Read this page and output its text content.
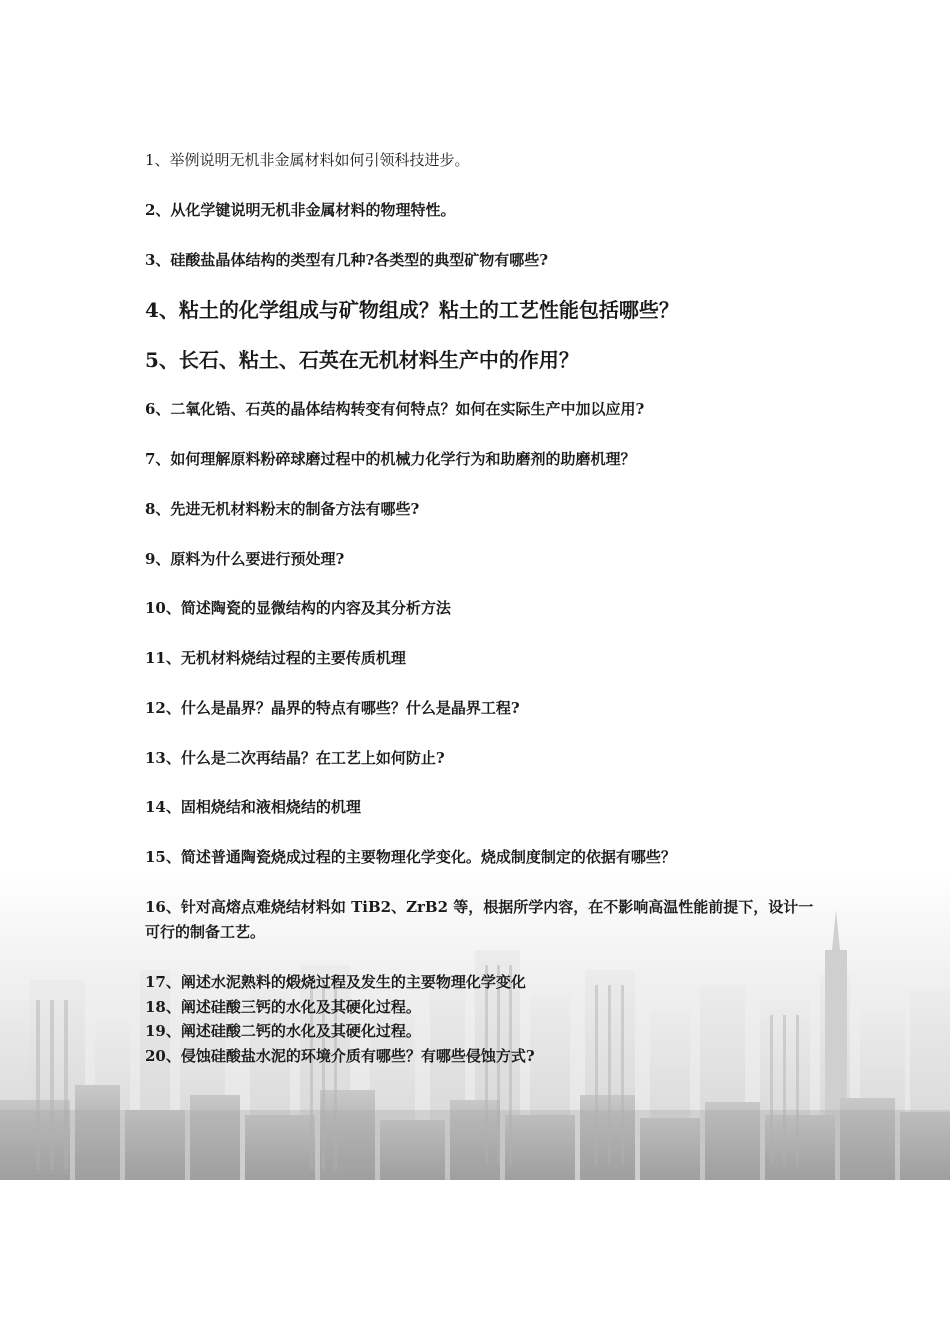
1、举例说明无机非金属材料如何引领科技进步。
2、从化学键说明无机非金属材料的物理特性。
3、硅酸盐晶体结构的类型有几种?各类型的典型矿物有哪些?
4、粘土的化学组成与矿物组成？粘土的工艺性能包括哪些？
5、长石、粘土、石英在无机材料生产中的作用？
6、二氧化锆、石英的晶体结构转变有何特点？如何在实际生产中加以应用?
7、如何理解原料粉碎球磨过程中的机械力化学行为和助磨剂的助磨机理？
8、先进无机材料粉末的制备方法有哪些?
9、原料为什么要进行预处理?
10、简述陶瓷的显微结构的内容及其分析方法
11、无机材料烧结过程的主要传质机理
12、什么是晶界？晶界的特点有哪些？什么是晶界工程?
13、什么是二次再结晶？在工艺上如何防止?
14、固相烧结和液相烧结的机理
15、简述普通陶瓷烧成过程的主要物理化学变化。烧成制度制定的依据有哪些？
16、针对高熔点难烧结材料如 TiB2、ZrB2 等，根据所学内容，在不影响高温性能前提下，设计一可行的制备工艺。
17、阐述水泥熟料的煅烧过程及发生的主要物理化学变化
18、阐述硅酸三钙的水化及其硬化过程。
19、阐述硅酸二钙的水化及其硬化过程。
20、侵蚀硅酸盐水泥的环境介质有哪些？有哪些侵蚀方式?
